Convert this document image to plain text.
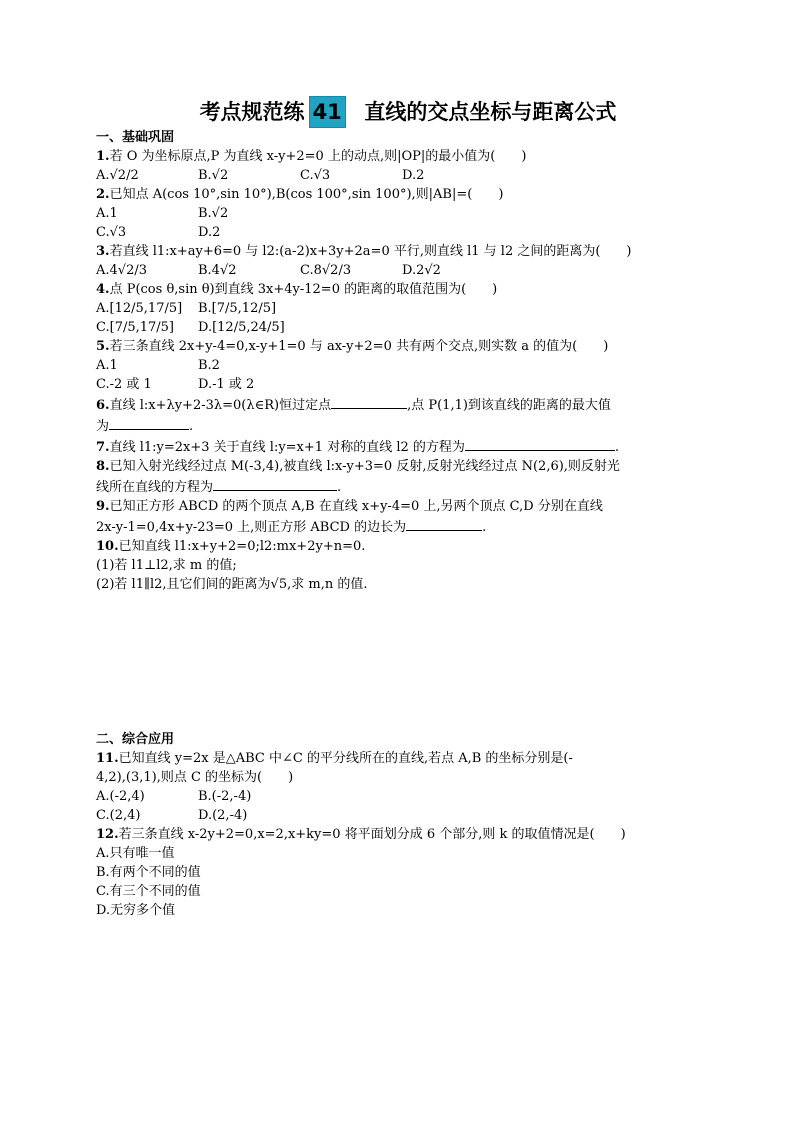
考点规范练 41 直线的交点坐标与距离公式
一、基础巩固
1.若 O 为坐标原点,P 为直线 x-y+2=0 上的动点,则|OP|的最小值为(　　)
A.√2/2	B.√2	C.√3	D.2
2.已知点 A(cos 10°,sin 10°),B(cos 100°,sin 100°),则|AB|=(　　)
A.1	B.√2
C.√3	D.2
3.若直线 l1:x+ay+6=0 与 l2:(a-2)x+3y+2a=0 平行,则直线 l1 与 l2 之间的距离为(　　)
A.4√2/3	B.4√2	C.8√2/3	D.2√2
4.点 P(cos θ,sin θ)到直线 3x+4y-12=0 的距离的取值范围为(　　)
A.[12/5,17/5]	B.[7/5,12/5]
C.[7/5,17/5]	D.[12/5,24/5]
5.若三条直线 2x+y-4=0,x-y+1=0 与 ax-y+2=0 共有两个交点,则实数 a 的值为(　　)
A.1	B.2
C.-2 或 1	D.-1 或 2
6.直线 l:x+λy+2-3λ=0(λ∈R)恒过定点	,点 P(1,1)到该直线的距离的最大值
为	.
7.直线 l1:y=2x+3 关于直线 l:y=x+1 对称的直线 l2 的方程为	.
8.已知入射光线经过点 M(-3,4),被直线 l:x-y+3=0 反射,反射光线经过点 N(2,6),则反射光
线所在直线的方程为	.
9.已知正方形 ABCD 的两个顶点 A,B 在直线 x+y-4=0 上,另两个顶点 C,D 分别在直线
2x-y-1=0,4x+y-23=0 上,则正方形 ABCD 的边长为	.
10.已知直线 l1:x+y+2=0;l2:mx+2y+n=0.
(1)若 l1⊥l2,求 m 的值;
(2)若 l1∥l2,且它们间的距离为√5,求 m,n 的值.
二、综合应用
11.已知直线 y=2x 是△ABC 中∠C 的平分线所在的直线,若点 A,B 的坐标分别是(-
4,2),(3,1),则点 C 的坐标为(　　)
A.(-2,4)	B.(-2,-4)
C.(2,4)	D.(2,-4)
12.若三条直线 x-2y+2=0,x=2,x+ky=0 将平面划分成 6 个部分,则 k 的取值情况是(　　)
A.只有唯一值
B.有两个不同的值
C.有三个不同的值
D.无穷多个值
